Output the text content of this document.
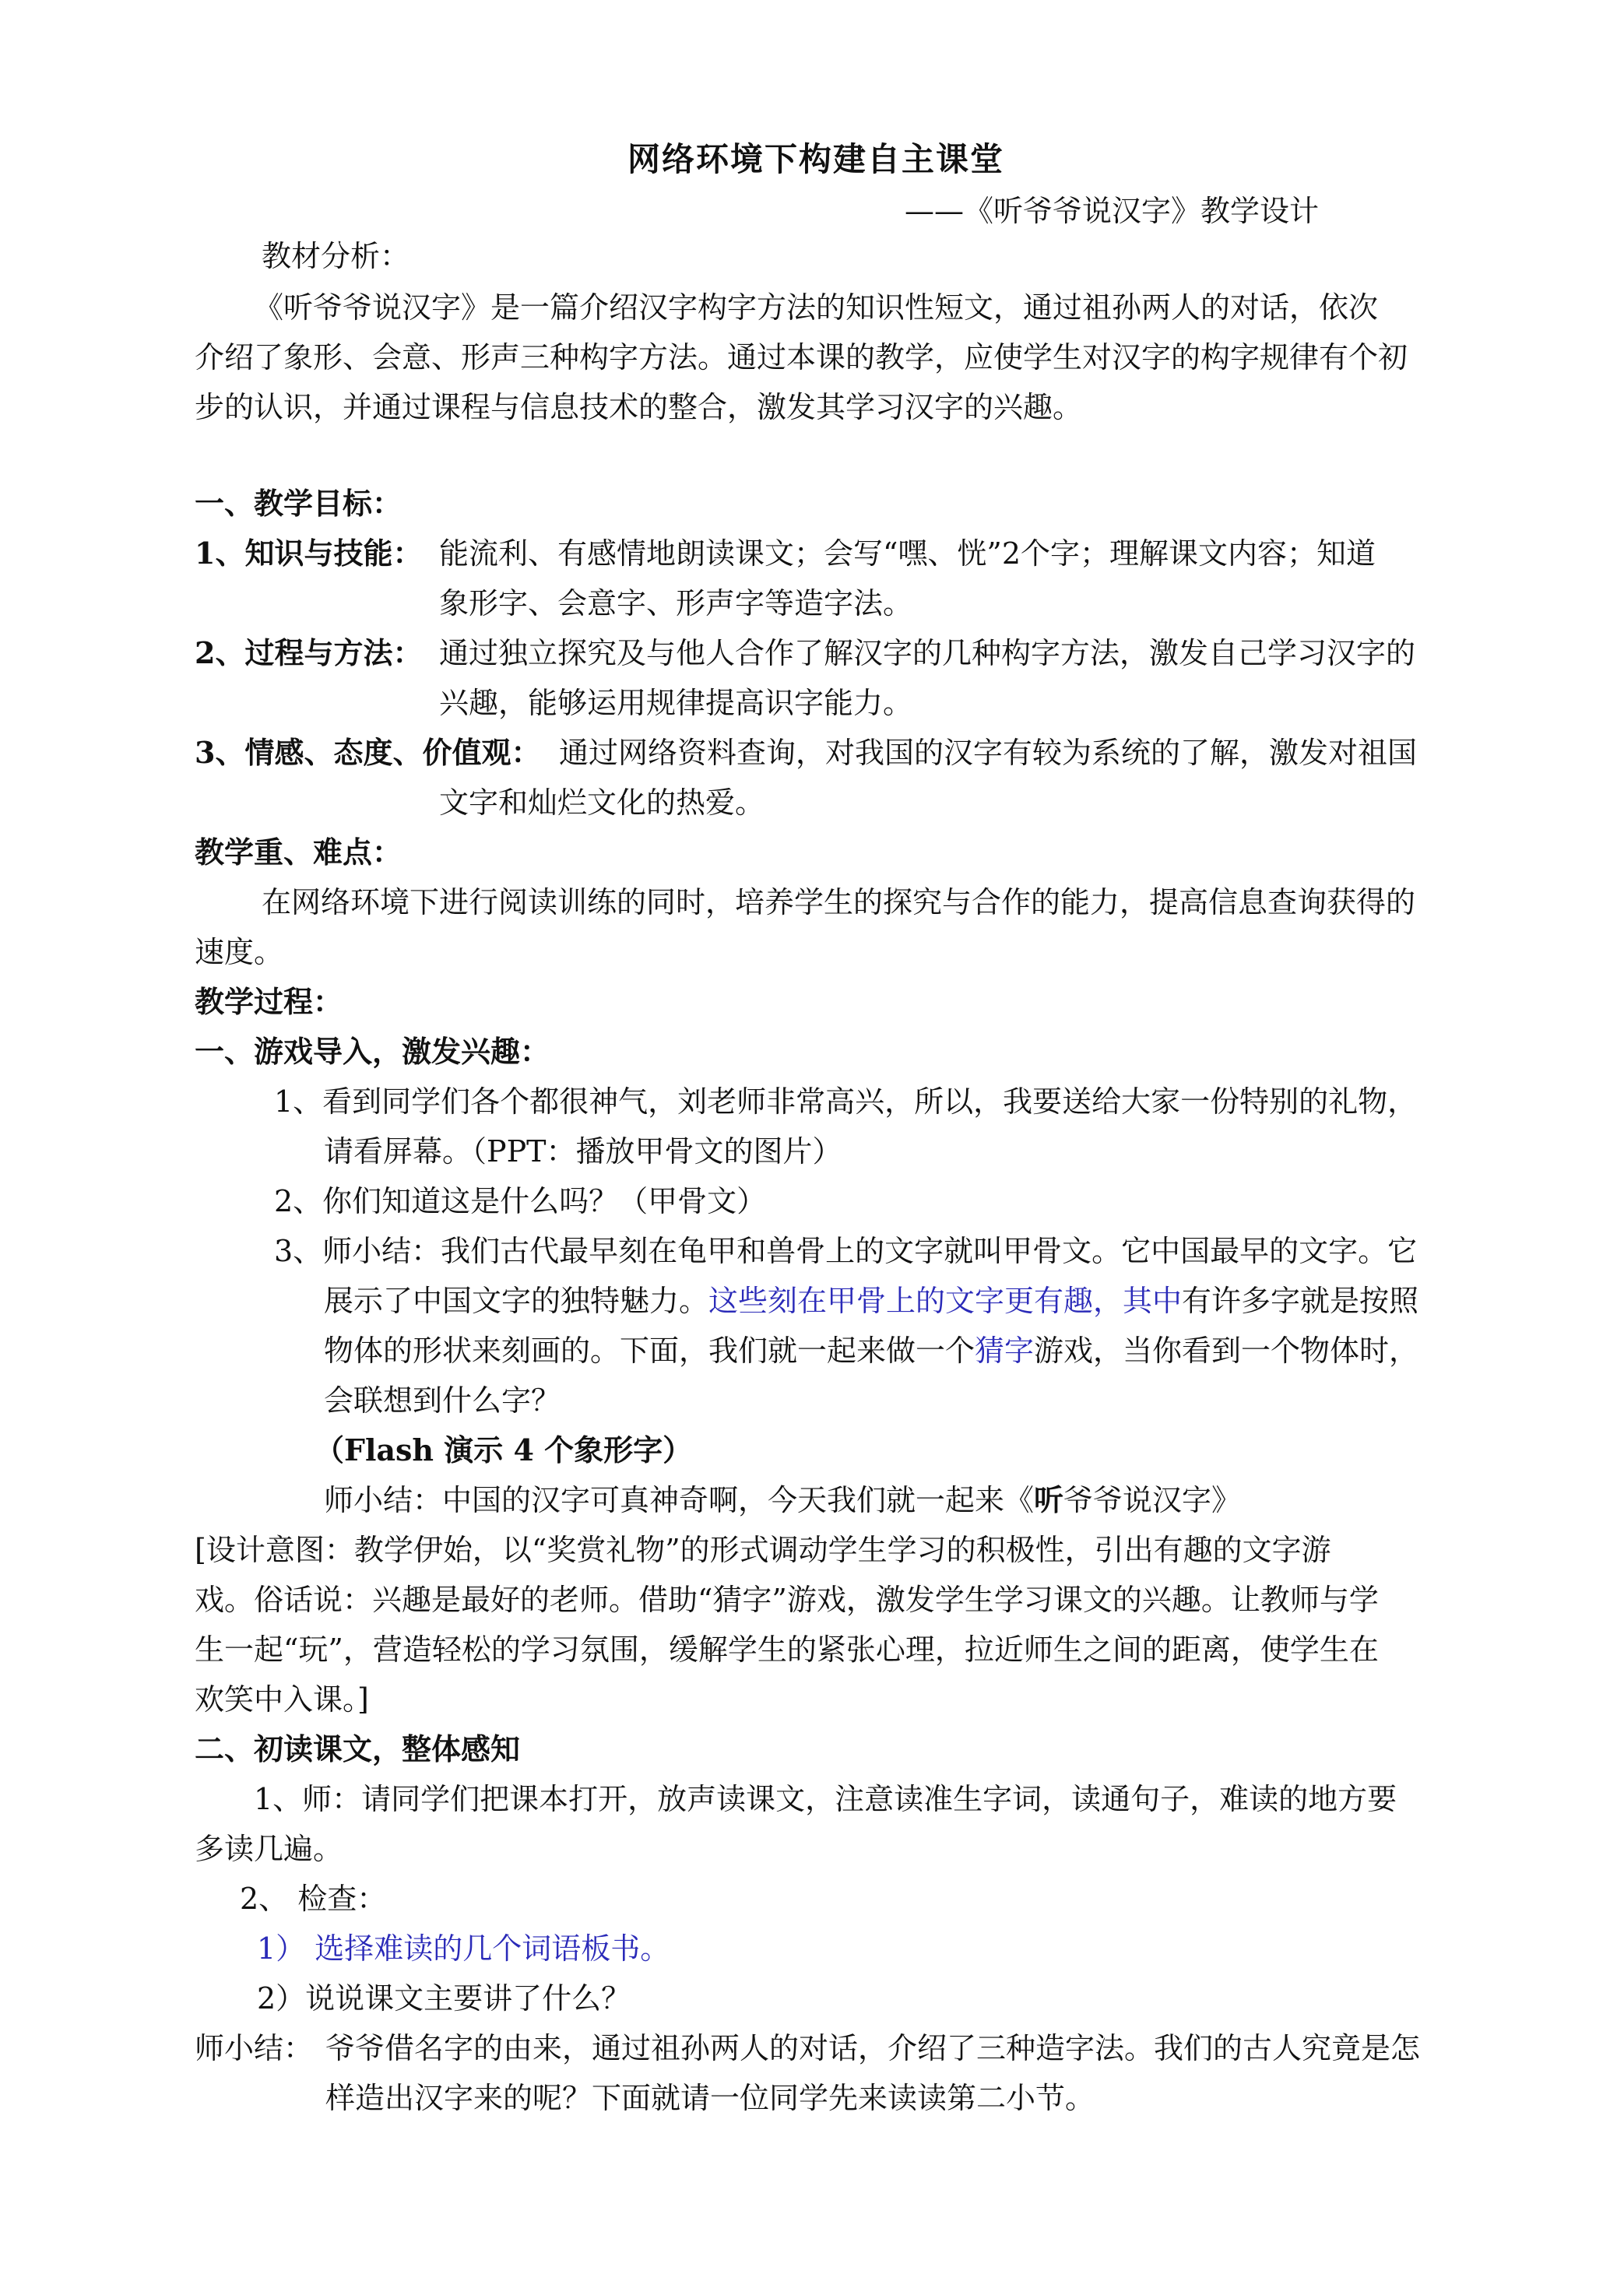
网络环境下构建自主课堂
——《听爷爷说汉字》教学设计
教材分析：
《听爷爷说汉字》是一篇介绍汉字构字方法的知识性短文，通过祖孙两人的对话，依次
介绍了象形、会意、形声三种构字方法。通过本课的教学，应使学生对汉字的构字规律有个初
步的认识，并通过课程与信息技术的整合，激发其学习汉字的兴趣。
一、教学目标：
1、知识与技能： 能流利、有感情地朗读课文；会写“嘿、恍”2个字；理解课文内容；知道
象形字、会意字、形声字等造字法。
2、过程与方法： 通过独立探究及与他人合作了解汉字的几种构字方法，激发自己学习汉字的
兴趣，能够运用规律提高识字能力。
3、情感、态度、价值观： 通过网络资料查询，对我国的汉字有较为系统的了解，激发对祖国
文字和灿烂文化的热爱。
教学重、难点：
在网络环境下进行阅读训练的同时，培养学生的探究与合作的能力，提高信息查询获得的
速度。
教学过程：
一、游戏导入，激发兴趣：
1、看到同学们各个都很神气，刘老师非常高兴，所以，我要送给大家一份特别的礼物，
请看屏幕。（PPT：播放甲骨文的图片）
2、你们知道这是什么吗？（甲骨文）
3、师小结：我们古代最早刻在龟甲和兽骨上的文字就叫甲骨文。它中国最早的文字。它
展示了中国文字的独特魅力。这些刻在甲骨上的文字更有趣，其中有许多字就是按照
物体的形状来刻画的。下面，我们就一起来做一个猜字游戏，当你看到一个物体时，
会联想到什么字？
（Flash 演示 4 个象形字）
师小结：中国的汉字可真神奇啊，今天我们就一起来《听爷爷说汉字》
[设计意图：教学伊始，以“奖赏礼物”的形式调动学生学习的积极性，引出有趣的文字游
戏。俗话说：兴趣是最好的老师。借助“猜字”游戏，激发学生学习课文的兴趣。让教师与学
生一起“玩”，营造轻松的学习氛围，缓解学生的紧张心理，拉近师生之间的距离，使学生在
欢笑中入课。]
二、初读课文，整体感知
1、师：请同学们把课本打开，放声读课文，注意读准生字词，读通句子，难读的地方要
多读几遍。
2、 检查：
1） 选择难读的几个词语板书。
2）说说课文主要讲了什么？
师小结： 爷爷借名字的由来，通过祖孙两人的对话，介绍了三种造字法。我们的古人究竟是怎
样造出汉字来的呢？下面就请一位同学先来读读第二小节。
